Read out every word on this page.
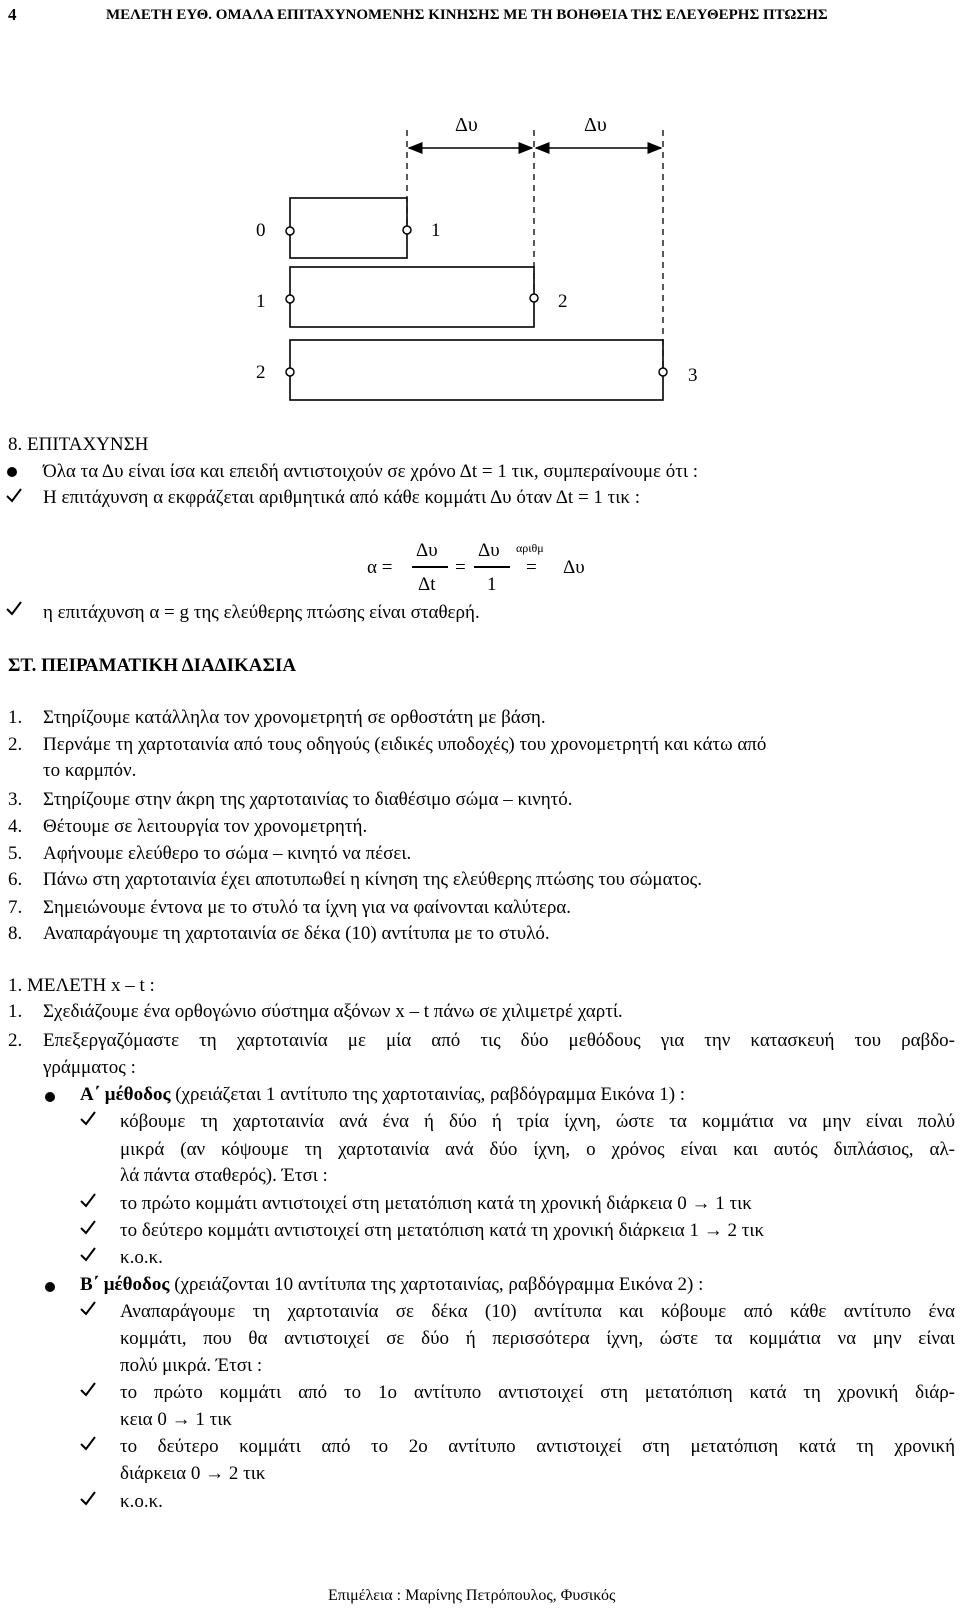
4	ΜΕΛΕΤΗ ΕΥΘ. ΟΜΑΛΑ ΕΠΙΤΑΧΥΝΟΜΕΝΗΣ ΚΙΝΗΣΗΣ ΜΕ ΤΗ ΒΟΗΘΕΙΑ ΤΗΣ ΕΛΕΥΘΕΡΗΣ ΠΤΩΣΗΣ
Δυ	Δυ
0	1
1	2
2	3
8. ΕΠΙΤΑΧΥΝΣΗ
Όλα τα Δυ είναι ίσα και επειδή αντιστοιχούν σε χρόνο Δt = 1 τικ, συμπεραίνουμε ότι :
Η επιτάχυνση α εκφράζεται αριθμητικά από κάθε κομμάτι Δυ όταν Δt = 1 τικ :
α =
Δυ
Δt
=
Δυ
1
αριθμ
= Δυ
η επιτάχυνση α = g της ελεύθερης πτώσης είναι σταθερή.
ΣΤ. ΠΕΙΡΑΜΑΤΙΚΗ ΔΙΑΔΙΚΑΣΙΑ
1. Στηρίζουμε κατάλληλα τον χρονομετρητή σε ορθοστάτη με βάση.
2. Περνάμε τη χαρτοταινία από τους οδηγούς (ειδικές υποδοχές) του χρονομετρητή και κάτω από
το καρμπόν.
3. Στηρίζουμε στην άκρη της χαρτοταινίας το διαθέσιμο σώμα – κινητό.
4. Θέτουμε σε λειτουργία τον χρονομετρητή.
5. Αφήνουμε ελεύθερο το σώμα – κινητό να πέσει.
6. Πάνω στη χαρτοταινία έχει αποτυπωθεί η κίνηση της ελεύθερης πτώσης του σώματος.
7. Σημειώνουμε έντονα με το στυλό τα ίχνη για να φαίνονται καλύτερα.
8. Αναπαράγουμε τη χαρτοταινία σε δέκα (10) αντίτυπα με το στυλό.
1. ΜΕΛΕΤΗ x – t :
1. Σχεδιάζουμε ένα ορθογώνιο σύστημα αξόνων x – t πάνω σε χιλιμετρέ χαρτί.
2. Επεξεργαζόμαστε τη χαρτοταινία με μία από τις δύο μεθόδους για την κατασκευή του ραβδο-
γράμματος :
Α΄ μέθοδος (χρειάζεται 1 αντίτυπο της χαρτοταινίας, ραβδόγραμμα Εικόνα 1) :
κόβουμε τη χαρτοταινία ανά ένα ή δύο ή τρία ίχνη, ώστε τα κομμάτια να μην είναι πολύ
μικρά (αν κόψουμε τη χαρτοταινία ανά δύο ίχνη, ο χρόνος είναι και αυτός διπλάσιος, αλ-
λά πάντα σταθερός). Έτσι :
το πρώτο κομμάτι αντιστοιχεί στη μετατόπιση κατά τη χρονική διάρκεια 0 → 1 τικ
το δεύτερο κομμάτι αντιστοιχεί στη μετατόπιση κατά τη χρονική διάρκεια 1 → 2 τικ
κ.ο.κ.
Β΄ μέθοδος (χρειάζονται 10 αντίτυπα της χαρτοταινίας, ραβδόγραμμα Εικόνα 2) :
Αναπαράγουμε τη χαρτοταινία σε δέκα (10) αντίτυπα και κόβουμε από κάθε αντίτυπο ένα
κομμάτι, που θα αντιστοιχεί σε δύο ή περισσότερα ίχνη, ώστε τα κομμάτια να μην είναι
πολύ μικρά. Έτσι :
το πρώτο κομμάτι από το 1ο αντίτυπο αντιστοιχεί στη μετατόπιση κατά τη χρονική διάρ-
κεια 0 → 1 τικ
το δεύτερο κομμάτι από το 2ο αντίτυπο αντιστοιχεί στη μετατόπιση κατά τη χρονική
διάρκεια 0 → 2 τικ
κ.ο.κ.
Επιμέλεια : Μαρίνης Πετρόπουλος, Φυσικός
